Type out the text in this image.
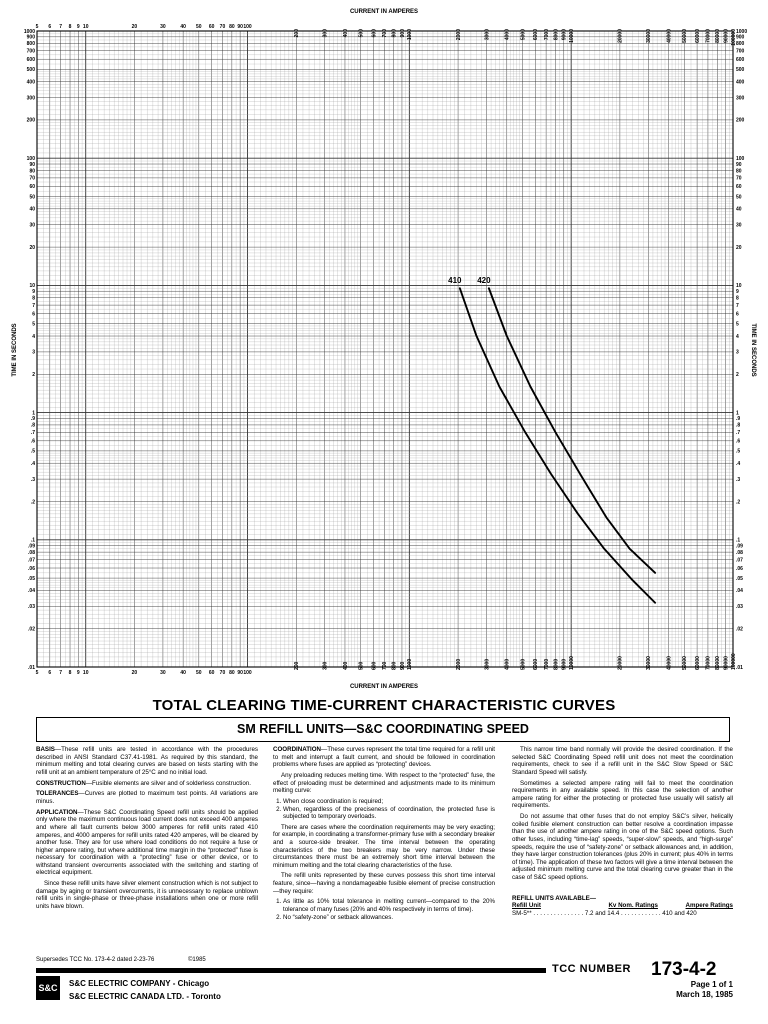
5
5
6
6
7
7
8
8
9
9
10
10
20
20
30
30
40
40
50
50
60
60
70
70
80
80
90
90
100
100
200
200
300
300
400
400
500
500
600
600
700
700
800
800
900
900
1000
1000
2000
2000
3000
3000
4000
4000
5000
5000
6000
6000
7000
7000
8000
8000
9000
9000
10000
10000
20000
20000
30000
30000
40000
40000
50000
50000
60000
60000
70000
70000
80000
80000
90000
90000
100000
100000
1000	1000
900	900
800	800
700	700
600	600
500	500
400	400
300	300
200	200
100	100
90	90
80	80
70	70
60	60
50	50
40	40
30	30
20	20
10	10
9	9
8	8
7	7
6	6
5	5
4	4
3	3
2	2
1	1
.9	.9
.8	.8
.7	.7
.6	.6
.5	.5
.4	.4
.3	.3
.2	.2
.1	.1
.09	.09
.08	.08
.07	.07
.06	.06
.05	.05
.04	.04
.03	.03
.02	.02
.01	.01
410 420
CURRENT IN AMPERES
CURRENT IN AMPERES
TIME IN SECONDS	TIME IN SECONDS
TOTAL CLEARING TIME-CURRENT CHARACTERISTIC CURVES
SM REFILL UNITS—S&C COORDINATING SPEED

BASIS—These refill units are tested in accordance with the procedures described in ANSI Standard C37.41-1981. As required by this standard, the minimum melting and total clearing curves are based on tests starting with the refill unit at an ambient temperature of 25°C and no initial load.

CONSTRUCTION—Fusible elements are silver and of solderless construction.

TOLERANCES—Curves are plotted to maximum test points. All variations are minus.

APPLICATION—These S&C Coordinating Speed refill units should be applied only where the maximum continuous load current does not exceed 400 amperes and where all fault currents below 3000 amperes for refill units rated 410 amperes, and 4000 amperes for refill units rated 420 amperes, will be cleared by another fuse. They are for use where load conditions do not require a fuse or higher ampere rating, but where additional time margin in the “protected” fuse is necessary for coordination with a “protecting” fuse or other device, or to withstand transient overcurrents associated with the switching and starting of electrical equipment.

Since these refill units have silver element construction which is not subject to damage by aging or transient overcurrents, it is unnecessary to replace unblown refill units in single-phase or three-phase installations when one or more refill units have blown.

COORDINATION—These curves represent the total time required for a refill unit to melt and interrupt a fault current, and should be followed in coordination problems where fuses are applied as “protecting” devices.

Any preloading reduces melting time. With respect to the “protected” fuse, the effect of preloading must be determined and adjustments made to its minimum melting curve:

1. When close coordination is required;
2. When, regardless of the preciseness of coordination, the protected fuse is subjected to temporary overloads.

There are cases where the coordination requirements may be very exacting; for example, in coordinating a transformer-primary fuse with a secondary breaker and a source-side breaker. The time interval between the operating characteristics of the two breakers may be very narrow. Under these circumstances there must be an extremely short time interval between the minimum melting and the total clearing characteristics of the fuse.

The refill units represented by these curves possess this short time interval feature, since—having a nondamageable fusible element of precise construction—they require:

1. As little as 10% total tolerance in melting current—compared to the 20% tolerance of many fuses (20% and 40% respectively in terms of time).
2. No “safety-zone” or setback allowances.

This narrow time band normally will provide the desired coordination. If the selected S&C Coordinating Speed refill unit does not meet the coordination requirements, check to see if a refill unit in the S&C Slow Speed or S&C Standard Speed will satisfy.

Sometimes a selected ampere rating will fail to meet the coordination requirements in any available speed. In this case the selection of another ampere rating for either the protecting or protected fuse usually will satisfy all requirements.

Do not assume that other fuses that do not employ S&C’s silver, helically coiled fusible element construction can better resolve a coordination impasse than the use of another ampere rating in one of the S&C speed options. Such other fuses, including “time-lag” speeds, “super-slow” speeds, and “high-surge” speeds, require the use of “safety-zone” or setback allowances and, in addition, they have larger construction tolerances (plus 20% in current; plus 40% in terms of time). The application of these two factors will give a time interval between the adjusted minimum melting curve and the total clearing curve greater than in the case of S&C speed options.

REFILL UNITS AVAILABLE—
Refill Unit	Kv Nom. Ratings	Ampere Ratings
SM-5** . . . . . . . . . . . . . . . 7.2 and 14.4 . . . . . . . . . . . . 410 and 420
Supersedes TCC No. 173-4-2 dated 2-23-76	©1985
TCC NUMBER 173-4-2
S&C	S&C ELECTRIC COMPANY - Chicago
S&C ELECTRIC CANADA LTD. - Toronto
Page 1 of 1
March 18, 1985
